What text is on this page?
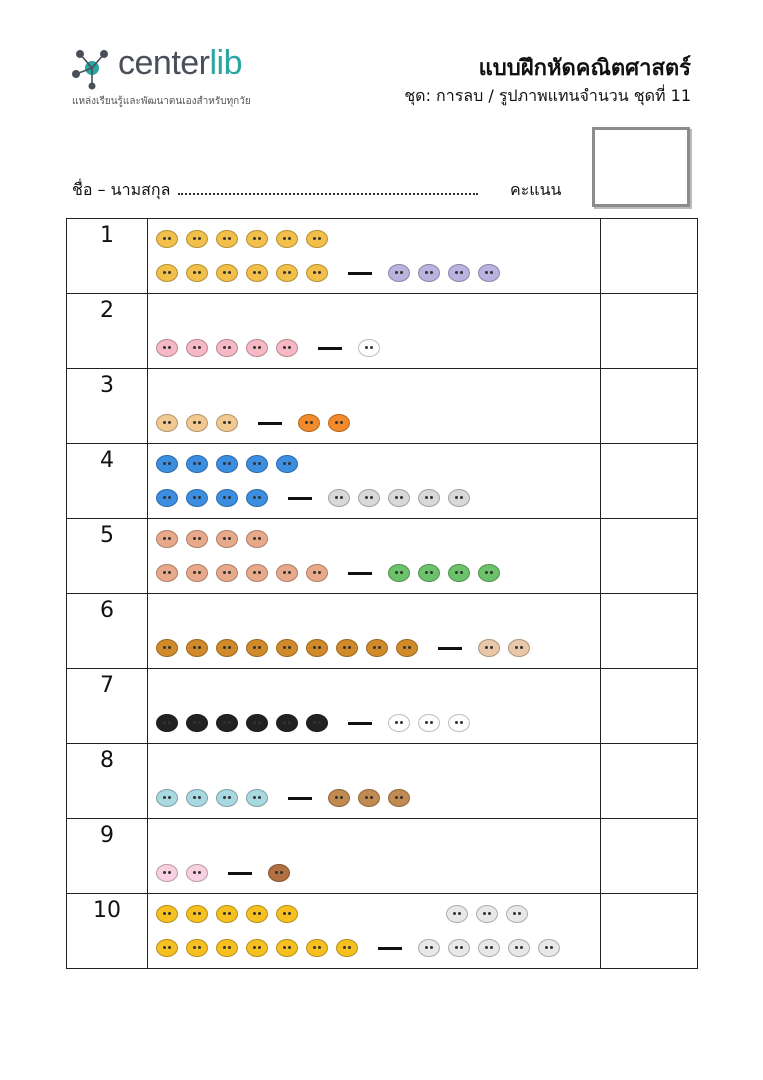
centerlib
แหล่งเรียนรู้และพัฒนาตนเองสำหรับทุกวัย
แบบฝึกหัดคณิตศาสตร์
ชุด: การลบ / รูปภาพแทนจำนวน ชุดที่ 11
ชื่อ – นามสกุล	คะแนน
1	

2	

3	

4	

5	

6	

7	

8	

9	

10	
